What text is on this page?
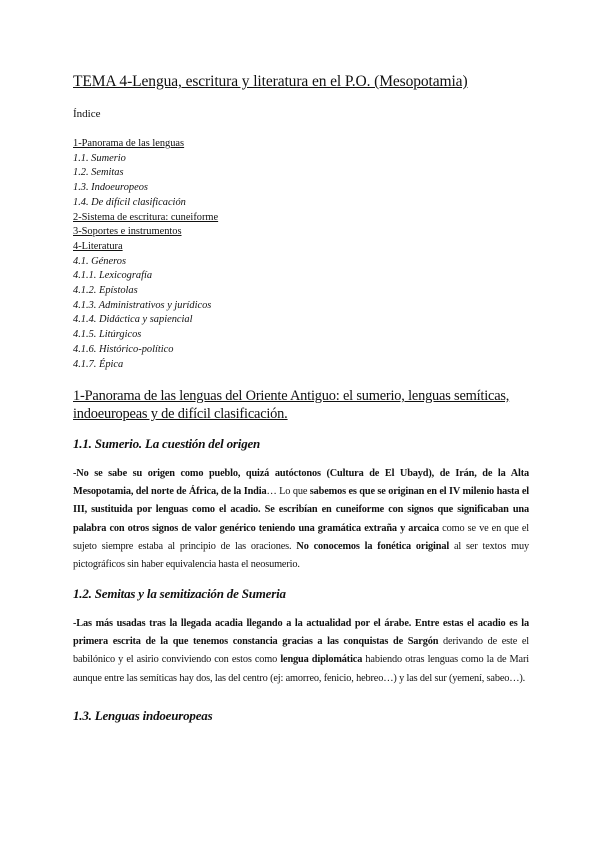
TEMA 4-Lengua, escritura y literatura en el P.O. (Mesopotamia)
Índice
1-Panorama de las lenguas
1.1. Sumerio
1.2. Semitas
1.3. Indoeuropeos
1.4. De difícil clasificación
2-Sistema de escritura: cuneiforme
3-Soportes e instrumentos
4-Literatura
4.1. Géneros
4.1.1. Lexicografía
4.1.2. Epístolas
4.1.3. Administrativos y jurídicos
4.1.4. Didáctica y sapiencial
4.1.5. Litúrgicos
4.1.6. Histórico-político
4.1.7. Épica
1-Panorama de las lenguas del Oriente Antiguo: el sumerio, lenguas semíticas, indoeuropeas y de difícil clasificación.
1.1. Sumerio. La cuestión del origen
-No se sabe su origen como pueblo, quizá autóctonos (Cultura de El Ubayd), de Irán, de la Alta Mesopotamia, del norte de África, de la India… Lo que sabemos es que se originan en el IV milenio hasta el III, sustituida por lenguas como el acadio. Se escribían en cuneiforme con signos que significaban una palabra con otros signos de valor genérico teniendo una gramática extraña y arcaica como se ve en que el sujeto siempre estaba al principio de las oraciones. No conocemos la fonética original al ser textos muy pictográficos sin haber equivalencia hasta el neosumerio.
1.2. Semitas y la semitización de Sumeria
-Las más usadas tras la llegada acadia llegando a la actualidad por el árabe. Entre estas el acadio es la primera escrita de la que tenemos constancia gracias a las conquistas de Sargón derivando de este el babilónico y el asirio conviviendo con estos como lengua diplomática habiendo otras lenguas como la de Mari aunque entre las semíticas hay dos, las del centro (ej: amorreo, fenicio, hebreo…) y las del sur (yemení, sabeo…).
1.3. Lenguas indoeuropeas
